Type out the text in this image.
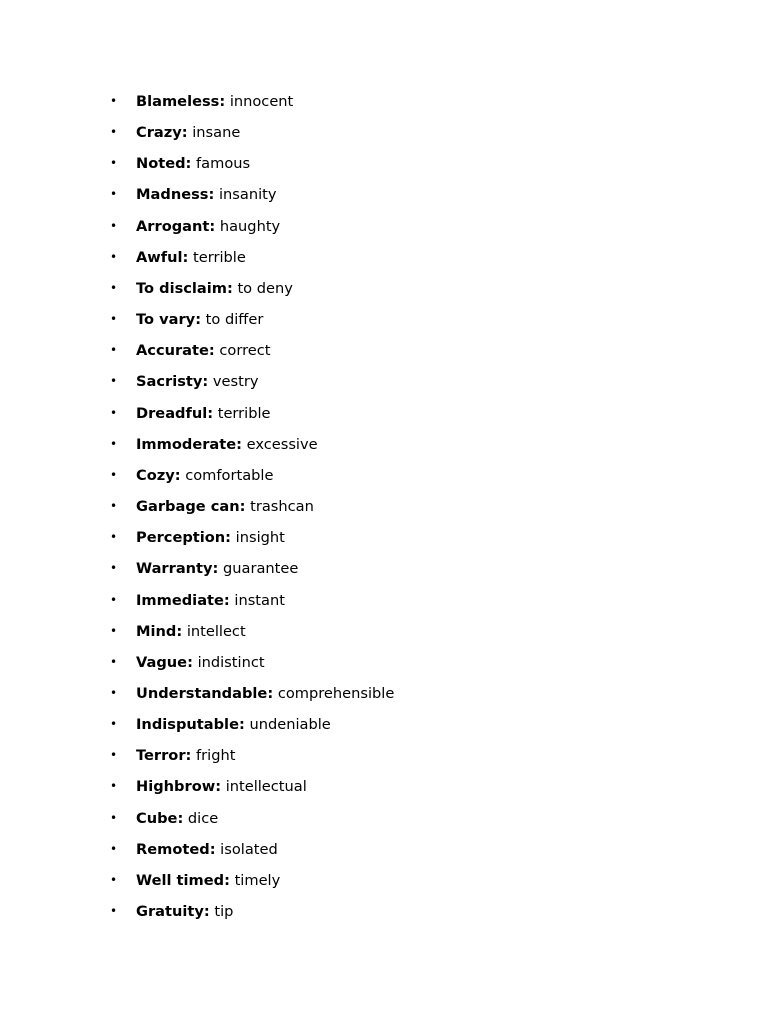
• Blameless: innocent
• Crazy: insane
• Noted: famous
• Madness: insanity
• Arrogant: haughty
• Awful: terrible
• To disclaim: to deny
• To vary: to differ
• Accurate: correct
• Sacristy: vestry
• Dreadful: terrible
• Immoderate: excessive
• Cozy: comfortable
• Garbage can: trashcan
• Perception: insight
• Warranty: guarantee
• Immediate: instant
• Mind: intellect
• Vague: indistinct
• Understandable: comprehensible
• Indisputable: undeniable
• Terror: fright
• Highbrow: intellectual
• Cube: dice
• Remoted: isolated
• Well timed: timely
• Gratuity: tip
